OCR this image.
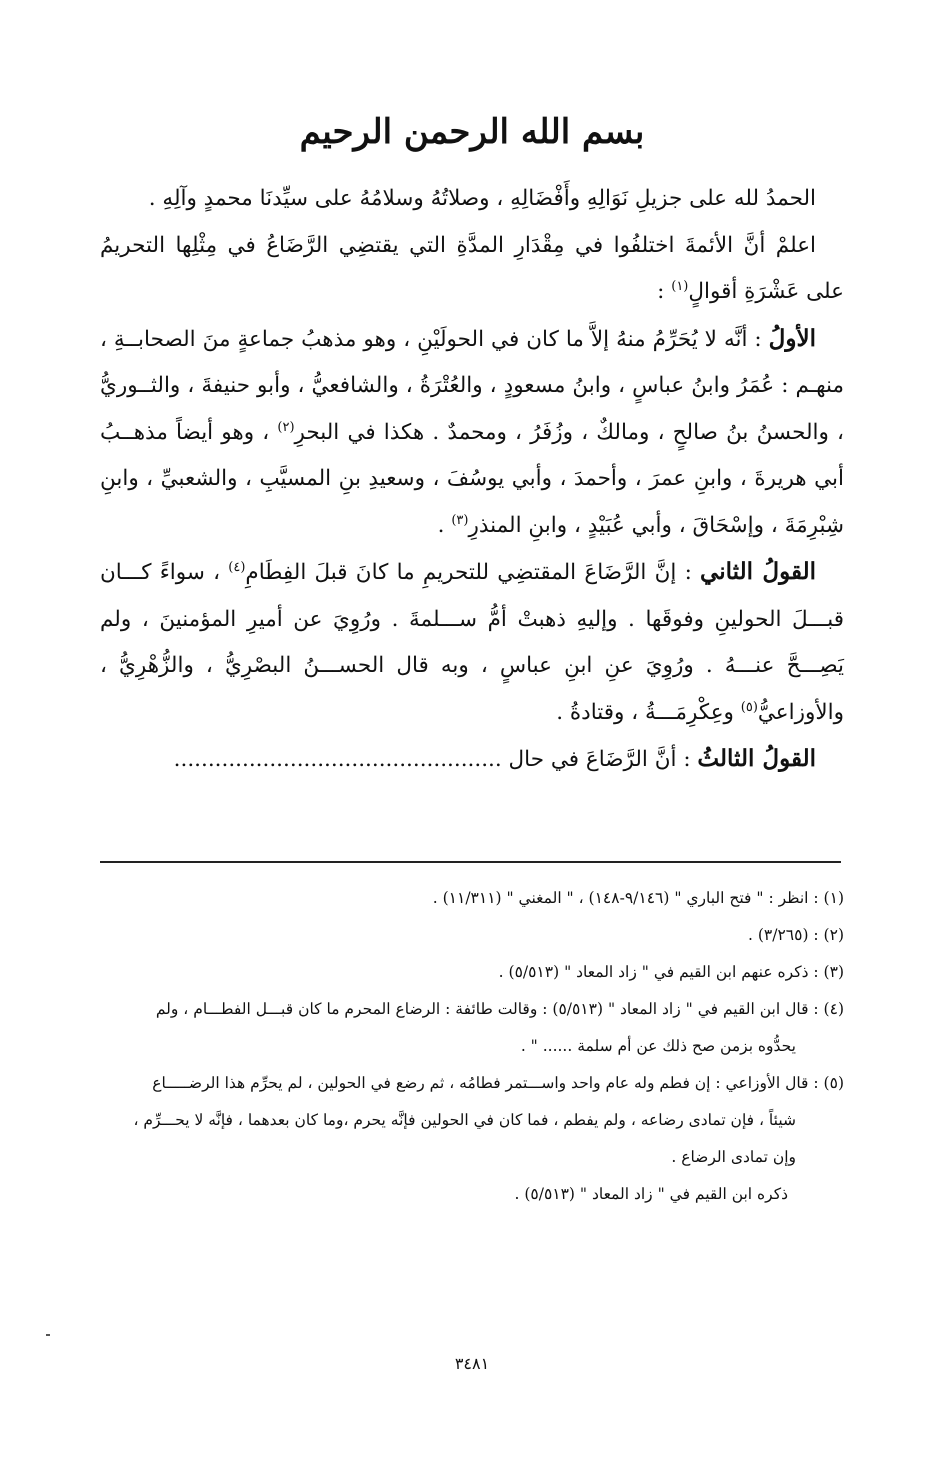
بسم الله الرحمن الرحيم

الحمدُ لله على جزيلِ نَوَالِهِ وأَفْضَالِهِ ، وصلاتُهُ وسلامُهُ على سيِّدنَا محمدٍ وآلِهِ .

اعلمْ أنَّ الأئمةَ اختلفُوا في مِقْدَارِ المدَّةِ التي يقتضِي الرَّضَاعُ في مِثْلِها التحريمُ على عَشْرَةِ أقوالٍ$^{(١)}$ :

الأولُ : أنَّه لا يُحَرِّمُ منهُ إلاَّ ما كان في الحولَيْنِ ، وهو مذهبُ جماعةٍ منَ الصحابــةِ ، منهـم : عُمَرُ وابنُ عباسٍ ، وابنُ مسعودٍ ، والعُتْرَةُ ، والشافعيُّ ، وأبو حنيفةَ ، والثــوريُّ ، والحسنُ بنُ صالحٍ ، ومالكٌ ، وزُفَرُ ، ومحمدٌ . هكذا في البحرِ$^{(٢)}$ ، وهو أيضاً مذهــبُ أبي هريرةَ ، وابنِ عمرَ ، وأحمدَ ، وأبي يوسُفَ ، وسعيدِ بنِ المسيَّبِ ، والشعبيِّ ، وابنِ شِبْرِمَةَ ، وإسْحَاقَ ، وأبي عُبَيْدٍ ، وابنِ المنذرِ$^{(٣)}$ .

القولُ الثاني : إنَّ الرَّضَاعَ المقتضِي للتحريمِ ما كانَ قبلَ الفِطَامِ$^{(٤)}$ ، سواءً كـــان قبـــلَ الحولينِ وفوقَها . وإليهِ ذهبتْ أمُّ ســـلمةَ . ورُوِيَ عن أميرِ المؤمنينَ ، ولم يَصِـــحَّ عنـــهُ . ورُوِيَ عنِ ابنِ عباسٍ ، وبه قال الحســـنُ البصْرِيُّ ، والزُّهْرِيُّ ، والأوزاعيُّ$^{(٥)}$ وعِكْرِمَـــةُ ، وقتادةُ .

القولُ الثالثُ : أنَّ الرَّضَاعَ في حال ................................................

(١) : انظر : " فتح الباري " (٩/١٤٦-١٤٨) ، " المغني " (١١/٣١١) .

(٢) : (٣/٢٦٥) .

(٣) : ذكره عنهم ابن القيم في " زاد المعاد " (٥/٥١٣) .

(٤) : قال ابن القيم في " زاد المعاد " (٥/٥١٣) : وقالت طائفة : الرضاع المحرم ما كان قبـــل الفطـــام ، ولم

يحدُّوه بزمن صح ذلك عن أم سلمة ...... " .

(٥) : قال الأوزاعي : إن فطم وله عام واحد واســـتمر فطامُه ، ثم رضع في الحولين ، لم يحرِّم هذا الرضـــــاع

شيئاً ، فإن تمادى رضاعه ، ولم يفطم ، فما كان في الحولين فإنَّه يحرم ،وما كان بعدهما ، فإنَّه لا يحـــرِّم ،

وإن تمادى الرضاع .

ذكره ابن القيم في " زاد المعاد " (٥/٥١٣) .

٣٤٨١
